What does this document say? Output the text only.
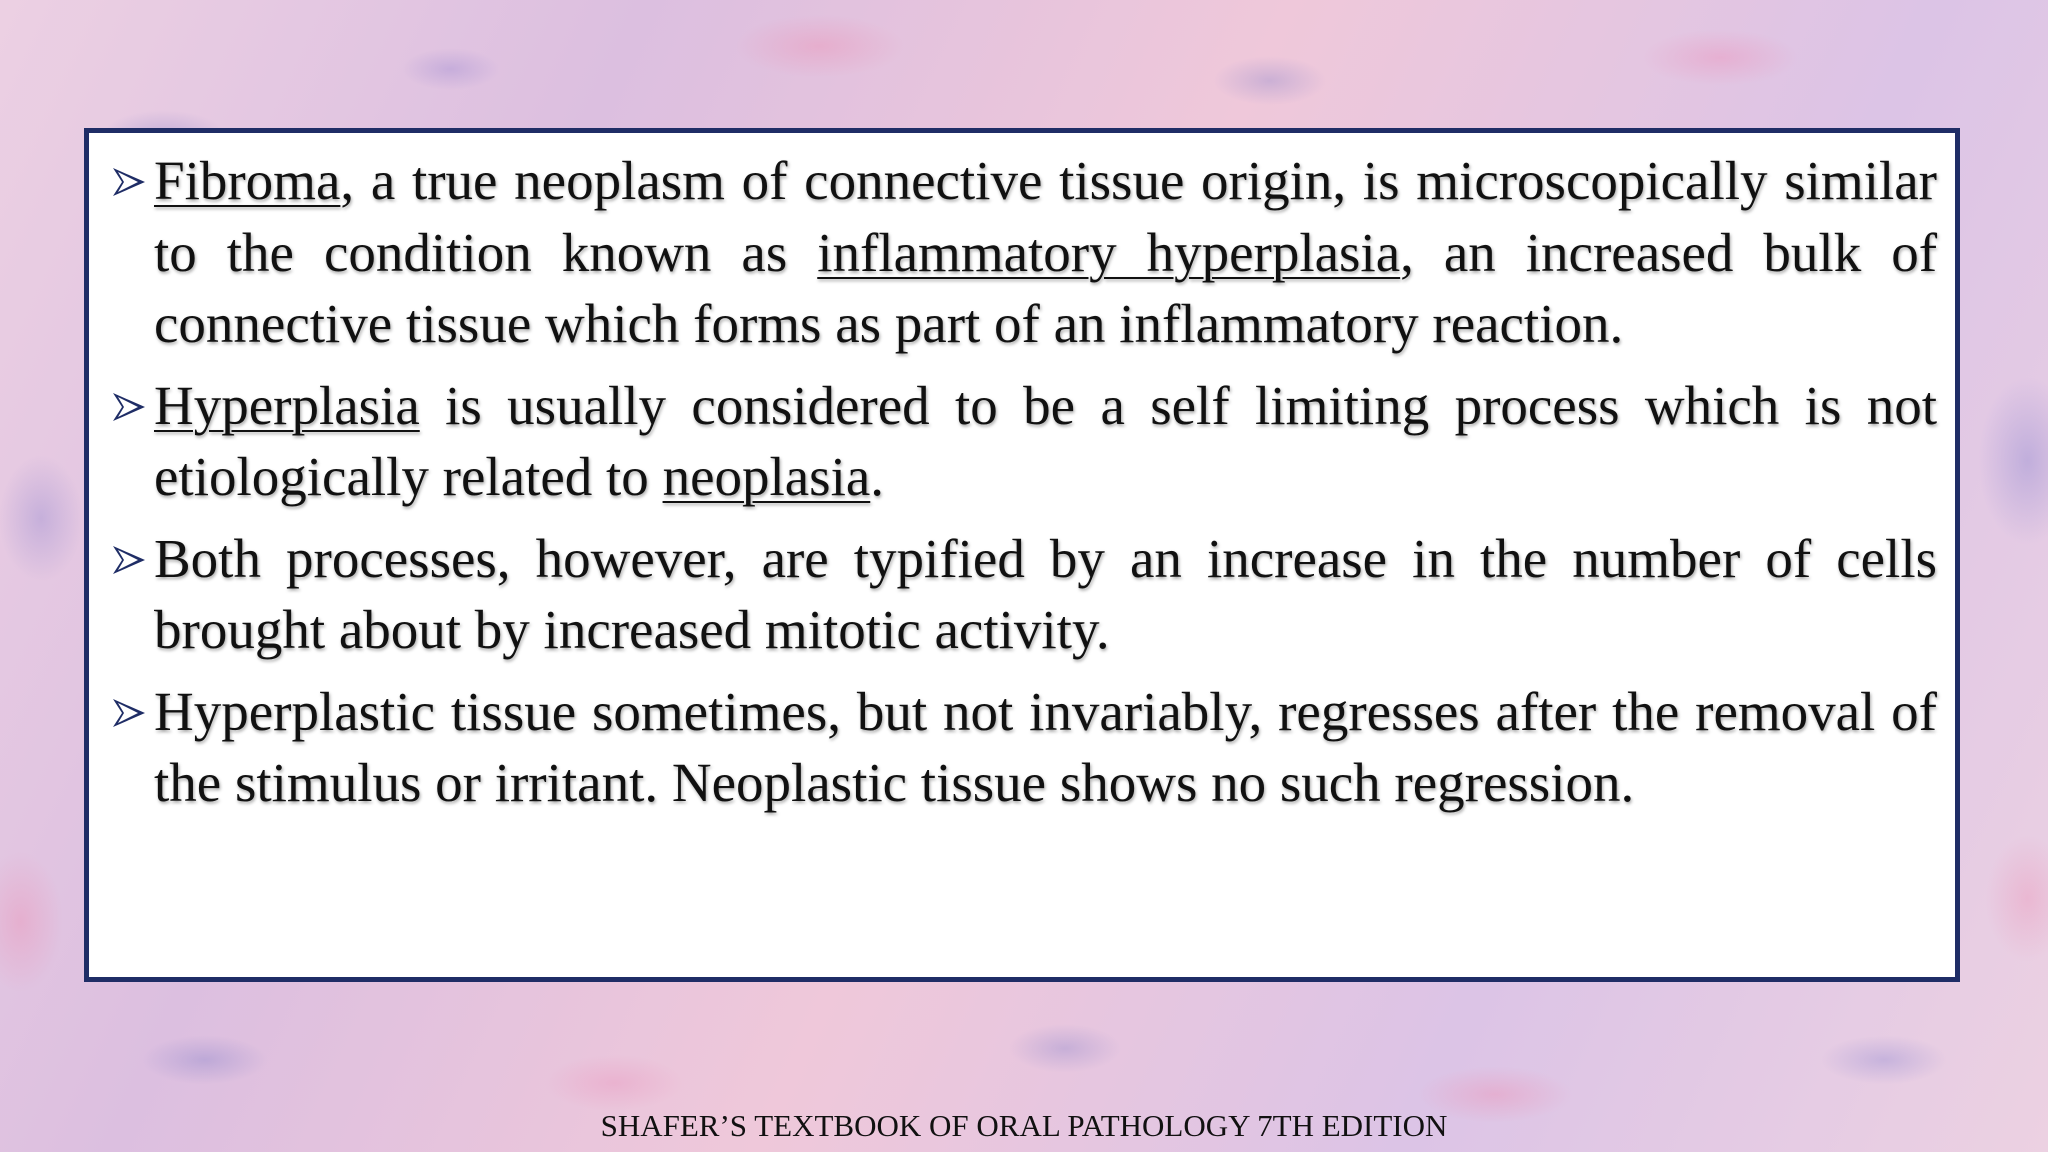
Fibroma, a true neoplasm of connective tissue origin, is microscopically similar to the condition known as inflammatory hyperplasia, an increased bulk of connective tissue which forms as part of an inflammatory reaction.

Hyperplasia is usually considered to be a self limiting process which is not etiologically related to neoplasia.

Both processes, however, are typified by an increase in the number of cells brought about by increased mitotic activity.

Hyperplastic tissue sometimes, but not invariably, regresses after the removal of the stimulus or irritant. Neoplastic tissue shows no such regression.

SHAFER’S TEXTBOOK OF ORAL PATHOLOGY 7TH EDITION
